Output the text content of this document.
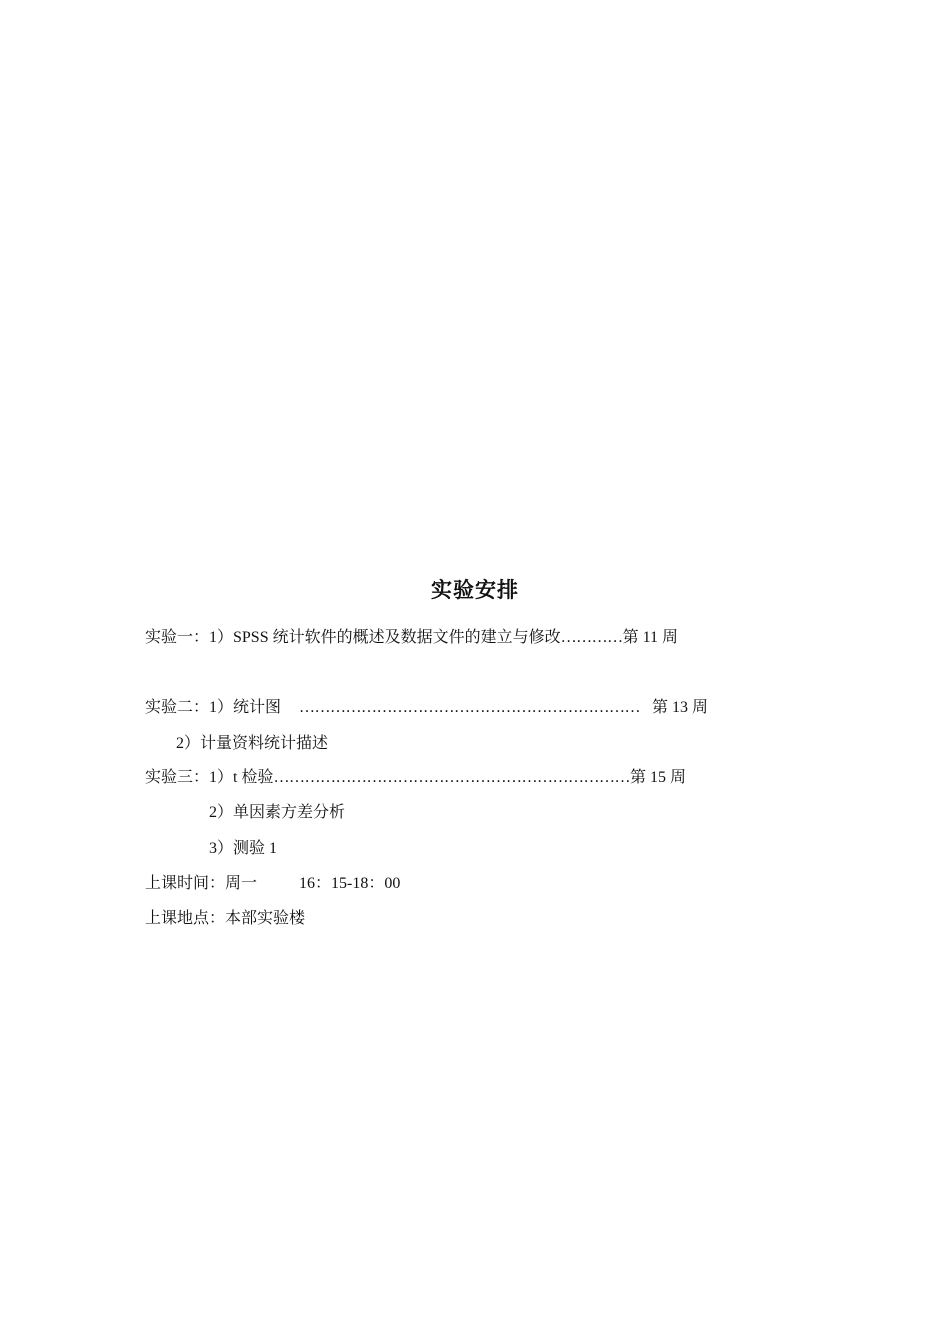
实验安排
实验一：1）SPSS 统计软件的概述及数据文件的建立与修改…………第 11 周
实验二：1）统计图 ………………………………………………………… 第 13 周
2）计量资料统计描述
实验三：1）t 检验……………………………………………………………第 15 周
2）单因素方差分析
3）测验 1
上课时间：周一	16：15-18：00
上课地点：本部实验楼
